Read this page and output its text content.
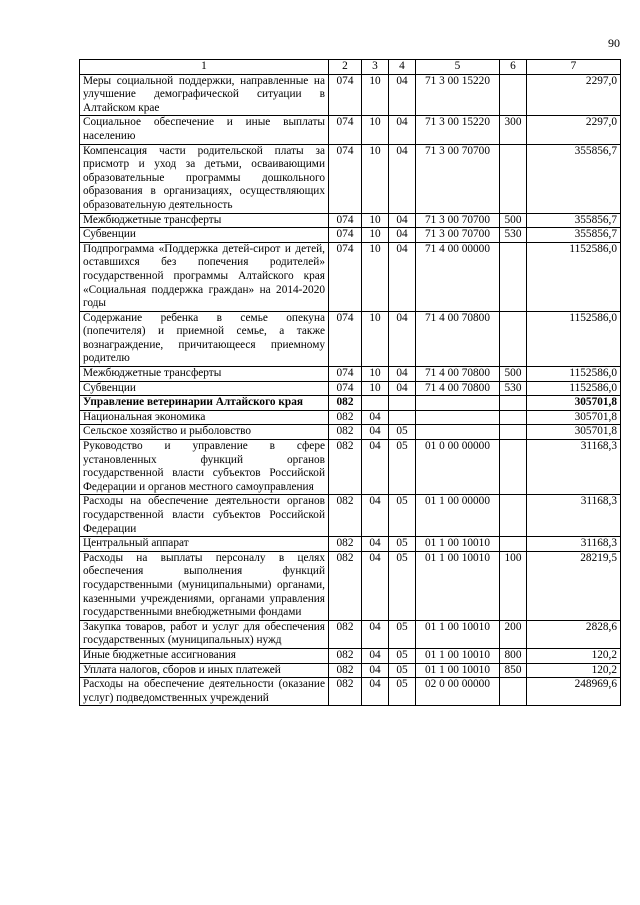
90
1	2	3	4	5	6	7
Меры социальной поддержки, направленные на улучшение демографической ситуации в Алтайском крае	074	10	04	71 3 00 15220		2297,0
Социальное обеспечение и иные выплаты населению	074	10	04	71 3 00 15220	300	2297,0
Компенсация части родительской платы за присмотр и уход за детьми, осваивающими образовательные программы дошкольного образования в организациях, осуществляющих образовательную деятельность	074	10	04	71 3 00 70700		355856,7
Межбюджетные трансферты	074	10	04	71 3 00 70700	500	355856,7
Субвенции	074	10	04	71 3 00 70700	530	355856,7
Подпрограмма «Поддержка детей-сирот и детей, оставшихся без попечения родителей» государственной программы Алтайского края «Социальная поддержка граждан» на 2014-2020 годы	074	10	04	71 4 00 00000		1152586,0
Содержание ребенка в семье опекуна (попечителя) и приемной семье, а также вознаграждение, причитающееся приемному родителю	074	10	04	71 4 00 70800		1152586,0
Межбюджетные трансферты	074	10	04	71 4 00 70800	500	1152586,0
Субвенции	074	10	04	71 4 00 70800	530	1152586,0
Управление ветеринарии Алтайского края	082					305701,8
Национальная экономика	082	04				305701,8
Сельское хозяйство и рыболовство	082	04	05			305701,8
Руководство и управление в сфере установленных функций органов государственной власти субъектов Российской Федерации и органов местного самоуправления	082	04	05	01 0 00 00000		31168,3
Расходы на обеспечение деятельности органов государственной власти субъектов Российской Федерации	082	04	05	01 1 00 00000		31168,3
Центральный аппарат	082	04	05	01 1 00 10010		31168,3
Расходы на выплаты персоналу в целях обеспечения выполнения функций государственными (муниципальными) органами, казенными учреждениями, органами управления государственными внебюджетными фондами	082	04	05	01 1 00 10010	100	28219,5
Закупка товаров, работ и услуг для обеспечения государственных (муниципальных) нужд	082	04	05	01 1 00 10010	200	2828,6
Иные бюджетные ассигнования	082	04	05	01 1 00 10010	800	120,2
Уплата налогов, сборов и иных платежей	082	04	05	01 1 00 10010	850	120,2
Расходы на обеспечение деятельности (оказание услуг) подведомственных учреждений	082	04	05	02 0 00 00000		248969,6
